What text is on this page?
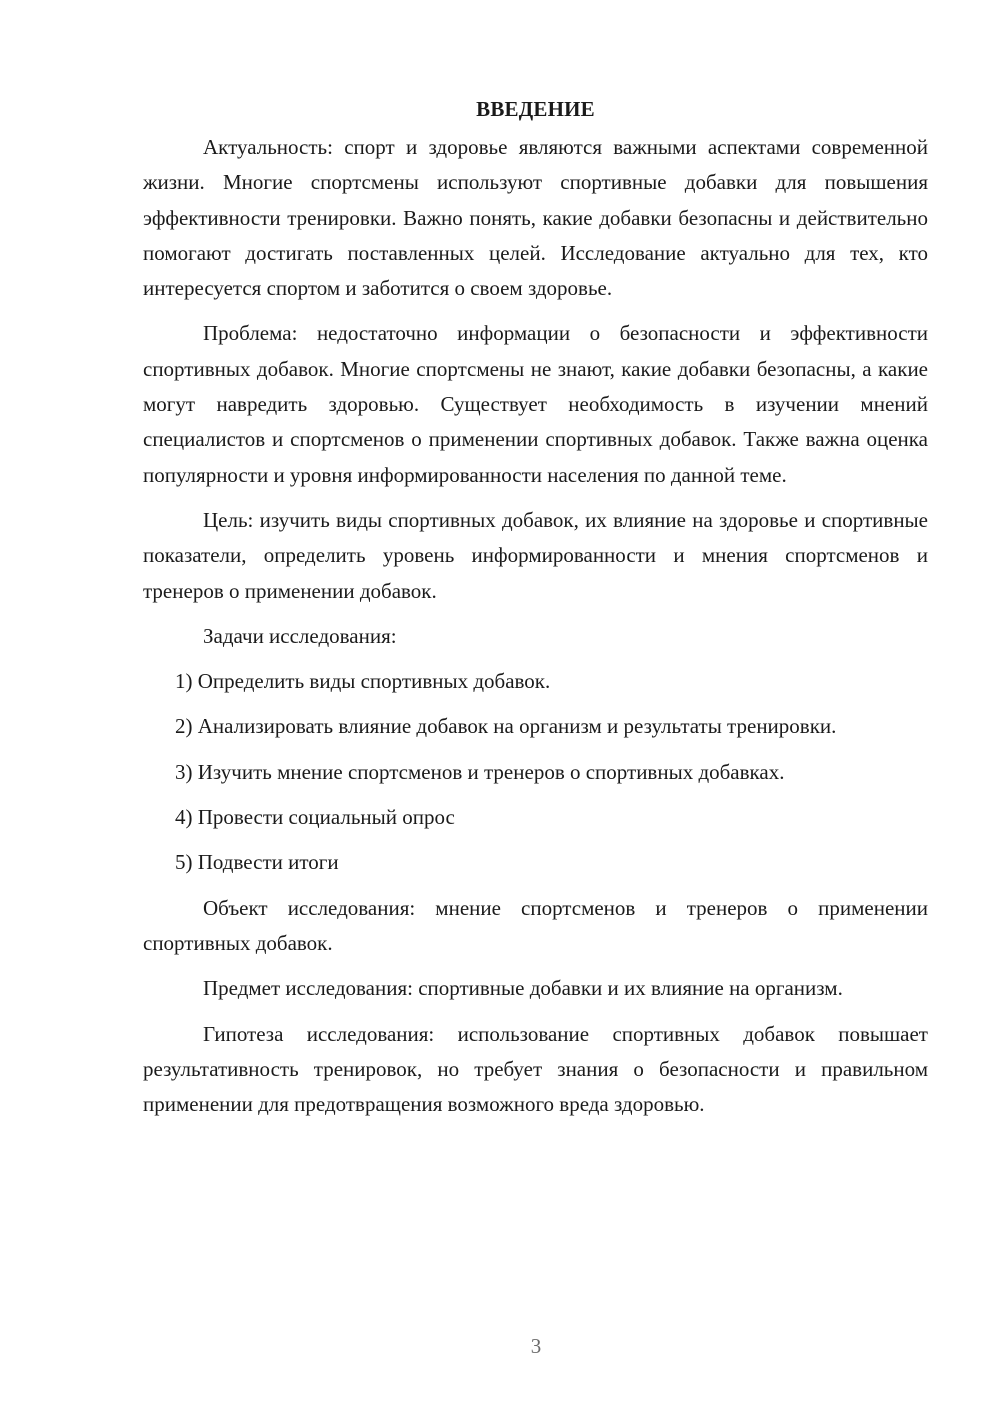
ВВЕДЕНИЕ

Актуальность: спорт и здоровье являются важными аспектами современной жизни. Многие спортсмены используют спортивные добавки для повышения эффективности тренировки. Важно понять, какие добавки безопасны и действительно помогают достигать поставленных целей. Исследование актуально для тех, кто интересуется спортом и заботится о своем здоровье.

Проблема: недостаточно информации о безопасности и эффективности спортивных добавок. Многие спортсмены не знают, какие добавки безопасны, а какие могут навредить здоровью. Существует необходимость в изучении мнений специалистов и спортсменов о применении спортивных добавок. Также важна оценка популярности и уровня информированности населения по данной теме.

Цель: изучить виды спортивных добавок, их влияние на здоровье и спортивные показатели, определить уровень информированности и мнения спортсменов и тренеров о применении добавок.

Задачи исследования:

1) Определить виды спортивных добавок.

2) Анализировать влияние добавок на организм и результаты тренировки.

3) Изучить мнение спортсменов и тренеров о спортивных добавках.

4) Провести социальный опрос

5) Подвести итоги

Объект исследования: мнение спортсменов и тренеров о применении спортивных добавок.

Предмет исследования: спортивные добавки и их влияние на организм.

Гипотеза исследования: использование спортивных добавок повышает результативность тренировок, но требует знания о безопасности и правильном применении для предотвращения возможного вреда здоровью.

3
